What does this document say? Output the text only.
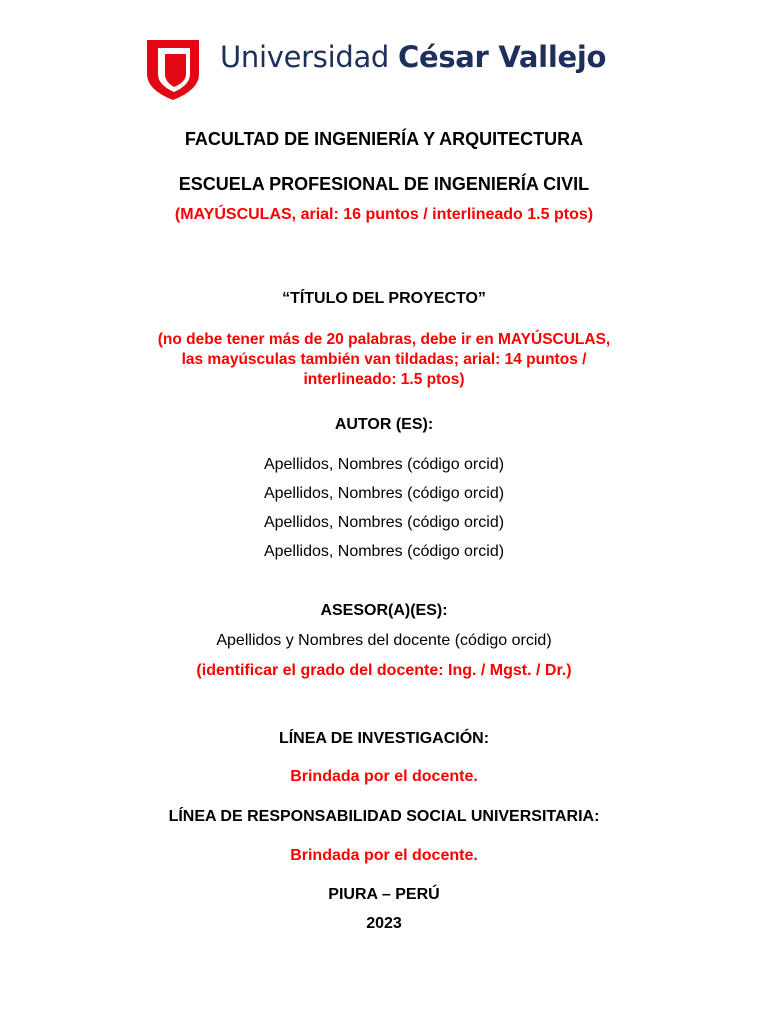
Universidad César Vallejo
FACULTAD DE INGENIERÍA Y ARQUITECTURA
ESCUELA PROFESIONAL DE INGENIERÍA CIVIL
(MAYÚSCULAS, arial: 16 puntos / interlineado 1.5 ptos)
“TÍTULO DEL PROYECTO”
(no debe tener más de 20 palabras, debe ir en MAYÚSCULAS,
las mayúsculas también van tildadas; arial: 14 puntos /
interlineado: 1.5 ptos)
AUTOR (ES):
Apellidos, Nombres (código orcid)
Apellidos, Nombres (código orcid)
Apellidos, Nombres (código orcid)
Apellidos, Nombres (código orcid)
ASESOR(A)(ES):
Apellidos y Nombres del docente (código orcid)
(identificar el grado del docente: Ing. / Mgst. / Dr.)
LÍNEA DE INVESTIGACIÓN:
Brindada por el docente.
LÍNEA DE RESPONSABILIDAD SOCIAL UNIVERSITARIA:
Brindada por el docente.
PIURA – PERÚ
2023
